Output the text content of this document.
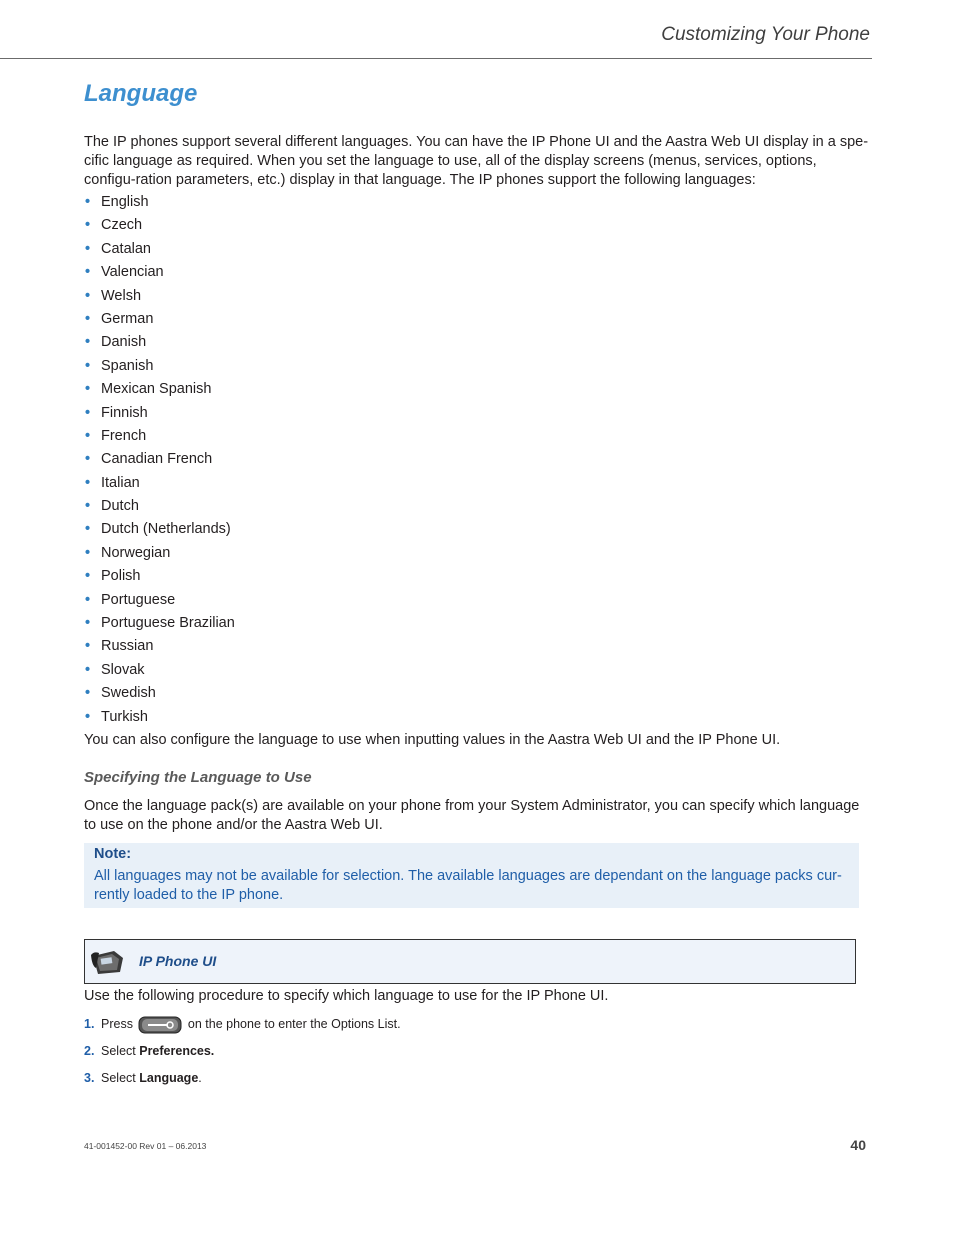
Customizing Your Phone
Language

The IP phones support several different languages. You can have the IP Phone UI and the Aastra Web UI display in a spe-cific language as required. When you set the language to use, all of the display screens (menus, services, options, configu-ration parameters, etc.) display in that language. The IP phones support the following languages:

• English
• Czech
• Catalan
• Valencian
• Welsh
• German
• Danish
• Spanish
• Mexican Spanish
• Finnish
• French
• Canadian French
• Italian
• Dutch
• Dutch (Netherlands)
• Norwegian
• Polish
• Portuguese
• Portuguese Brazilian
• Russian
• Slovak
• Swedish
• Turkish

You can also configure the language to use when inputting values in the Aastra Web UI and the IP Phone UI.

Specifying the Language to Use

Once the language pack(s) are available on your phone from your System Administrator, you can specify which language to use on the phone and/or the Aastra Web UI.

Note:
All languages may not be available for selection. The available languages are dependant on the language packs cur-rently loaded to the IP phone.
IP Phone UI

Use the following procedure to specify which language to use for the IP Phone UI.

1. Press	on the phone to enter the Options List.
2. Select Preferences.
3. Select Language.
41-001452-00 Rev 01 – 06.2013	40
